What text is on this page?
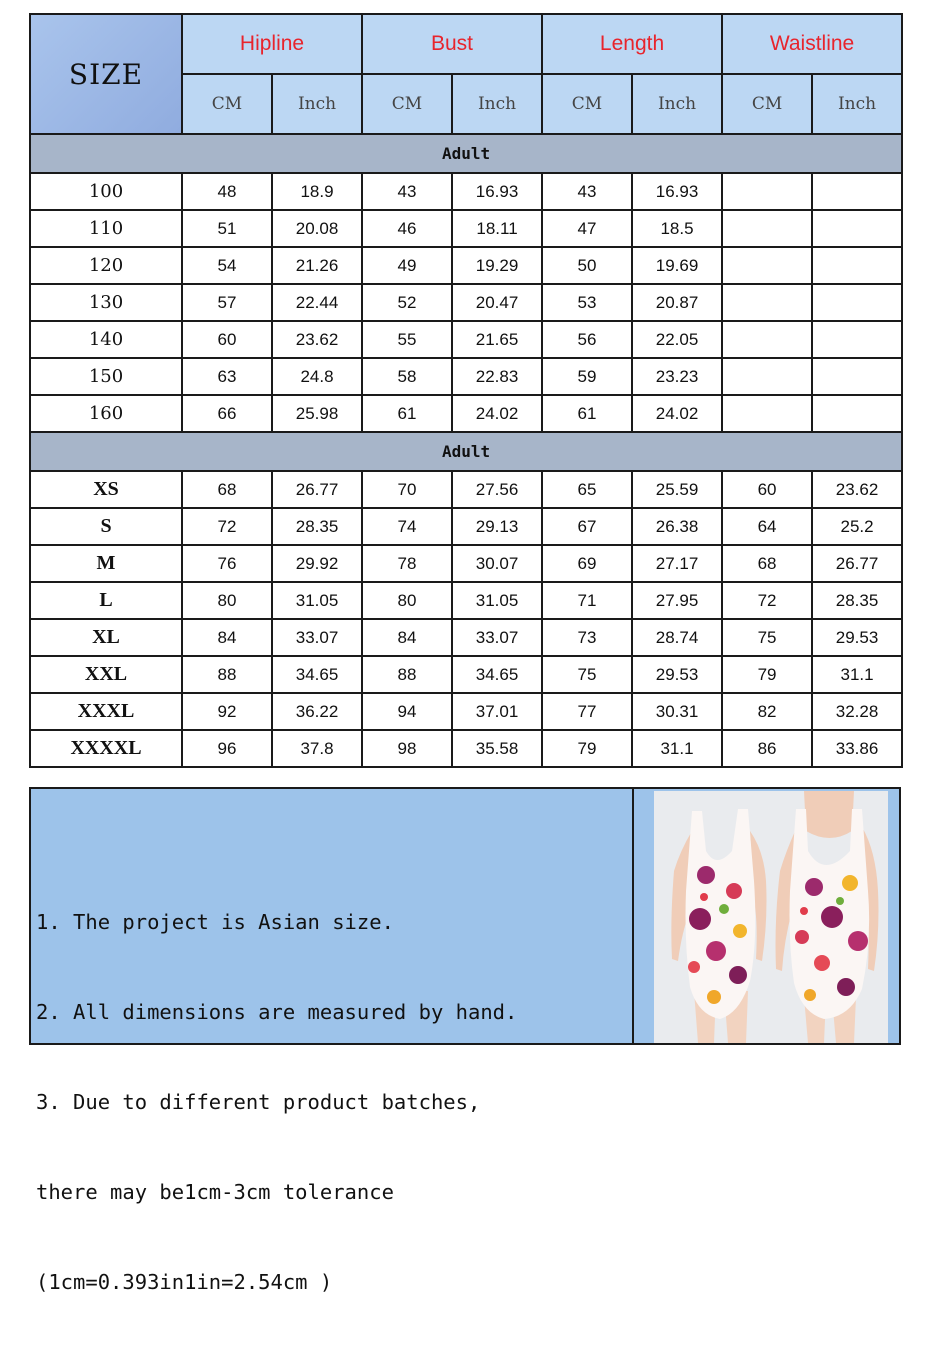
SIZE	Hipline		Bust		Length		Waistline	
	CM	Inch	CM	Inch	CM	Inch	CM	Inch
Adult								
100	48	18.9	43	16.93	43	16.93		
110	51	20.08	46	18.11	47	18.5		
120	54	21.26	49	19.29	50	19.69		
130	57	22.44	52	20.47	53	20.87		
140	60	23.62	55	21.65	56	22.05		
150	63	24.8	58	22.83	59	23.23		
160	66	25.98	61	24.02	61	24.02		
Adult								
XS	68	26.77	70	27.56	65	25.59	60	23.62
S	72	28.35	74	29.13	67	26.38	64	25.2
M	76	29.92	78	30.07	69	27.17	68	26.77
L	80	31.05	80	31.05	71	27.95	72	28.35
XL	84	33.07	84	33.07	73	28.74	75	29.53
XXL	88	34.65	88	34.65	75	29.53	79	31.1
XXXL	92	36.22	94	37.01	77	30.31	82	32.28
XXXXL	96	37.8	98	35.58	79	31.1	86	33.86

1. The project is Asian size.

2. All dimensions are measured by hand.

3. Due to different product batches,

there may be1cm-3cm tolerance

(1cm=0.393in1in=2.54cm )
